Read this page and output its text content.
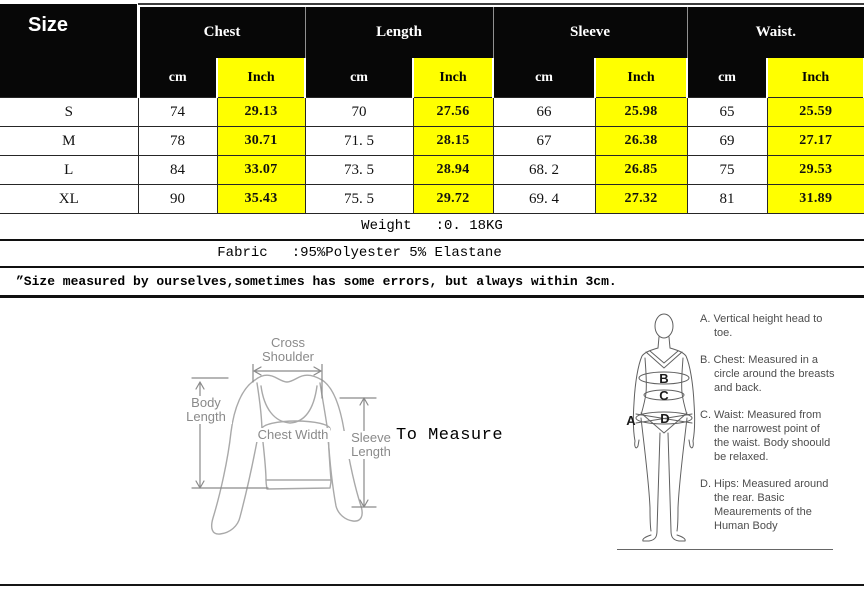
Size	Chest		Length		Sleeve		Waist.	
	cm	Inch	cm	Inch	cm	Inch	cm	Inch
S	74	29.13	70	27.56	66	25.98	65	25.59
M	78	30.71	71. 5	28.15	67	26.38	69	27.17
L	84	33.07	73. 5	28.94	68. 2	26.85	75	29.53
XL	90	35.43	75. 5	29.72	69. 4	27.32	81	31.89
Weight :0. 18KG
Fabric :95%Polyester 5% Elastane
”Size measured by ourselves,sometimes has some errors, but always within 3cm.
Cross Shoulder
Body Length
Chest Width	Sleeve Length
To Measure
A
B
C
D
A. Vertical height head to toe.
B. Chest: Measured in a circle around the breasts and back.
C. Waist: Measured from the narrowest point of the waist. Body shoould be relaxed.
D. Hips: Measured around the rear. Basic Meaurements of the Human Body
